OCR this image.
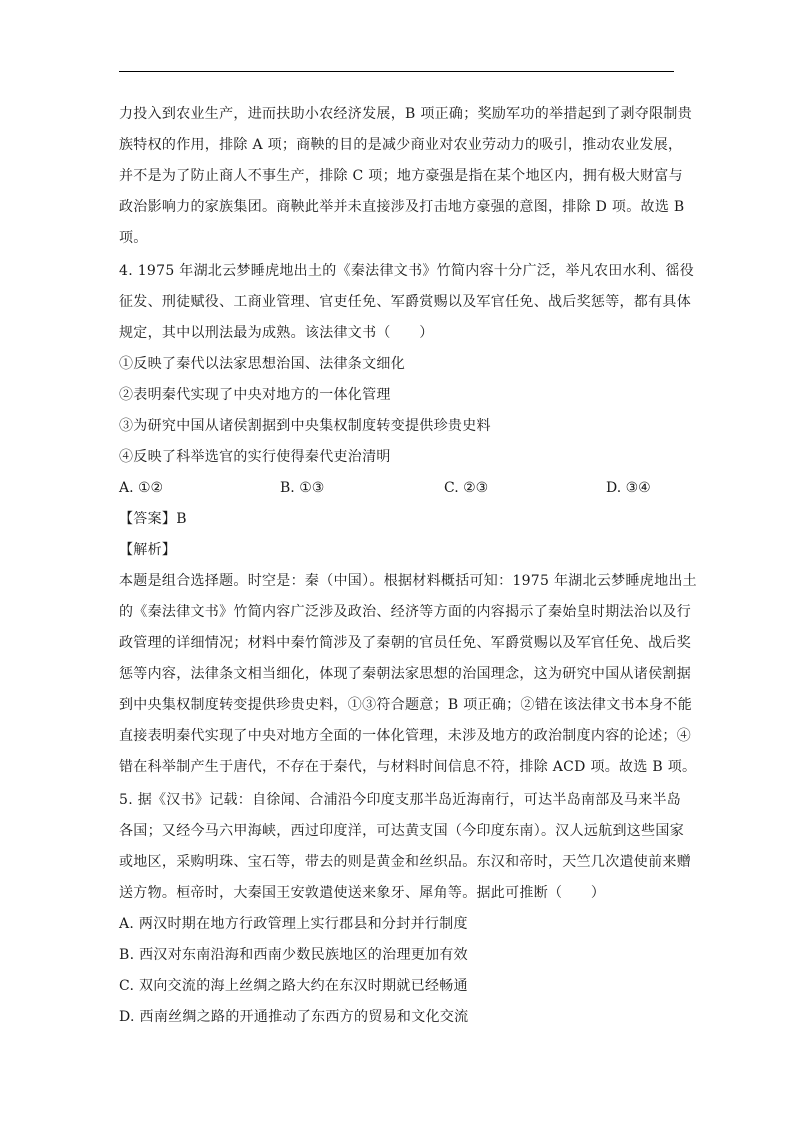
力投入到农业生产，进而扶助小农经济发展，B 项正确；奖励军功的举措起到了剥夺限制贵
族特权的作用，排除 A 项；商鞅的目的是减少商业对农业劳动力的吸引，推动农业发展，
并不是为了防止商人不事生产，排除 C 项；地方豪强是指在某个地区内，拥有极大财富与
政治影响力的家族集团。商鞅此举并未直接涉及打击地方豪强的意图，排除 D 项。故选 B
项。
4. 1975 年湖北云梦睡虎地出土的《秦法律文书》竹简内容十分广泛，举凡农田水利、徭役
征发、刑徒赋役、工商业管理、官吏任免、军爵赏赐以及军官任免、战后奖惩等，都有具体
规定，其中以刑法最为成熟。该法律文书（　　）
①反映了秦代以法家思想治国、法律条文细化
②表明秦代实现了中央对地方的一体化管理
③为研究中国从诸侯割据到中央集权制度转变提供珍贵史料
④反映了科举选官的实行使得秦代吏治清明
A. ①②	B. ①③	C. ②③	D. ③④
【答案】B
【解析】
本题是组合选择题。时空是：秦（中国）。根据材料概括可知：1975 年湖北云梦睡虎地出土
的《秦法律文书》竹简内容广泛涉及政治、经济等方面的内容揭示了秦始皇时期法治以及行
政管理的详细情况；材料中秦竹简涉及了秦朝的官员任免、军爵赏赐以及军官任免、战后奖
惩等内容，法律条文相当细化，体现了秦朝法家思想的治国理念，这为研究中国从诸侯割据
到中央集权制度转变提供珍贵史料，①③符合题意；B 项正确；②错在该法律文书本身不能
直接表明秦代实现了中央对地方全面的一体化管理，未涉及地方的政治制度内容的论述；④
错在科举制产生于唐代，不存在于秦代，与材料时间信息不符，排除 ACD 项。故选 B 项。
5. 据《汉书》记载：自徐闻、合浦沿今印度支那半岛近海南行，可达半岛南部及马来半岛
各国；又经今马六甲海峡，西过印度洋，可达黄支国（今印度东南）。汉人远航到这些国家
或地区，采购明珠、宝石等，带去的则是黄金和丝织品。东汉和帝时，天竺几次遣使前来赠
送方物。桓帝时，大秦国王安敦遣使送来象牙、犀角等。据此可推断（　　）
A. 两汉时期在地方行政管理上实行郡县和分封并行制度
B. 西汉对东南沿海和西南少数民族地区的治理更加有效
C. 双向交流的海上丝绸之路大约在东汉时期就已经畅通
D. 西南丝绸之路的开通推动了东西方的贸易和文化交流
